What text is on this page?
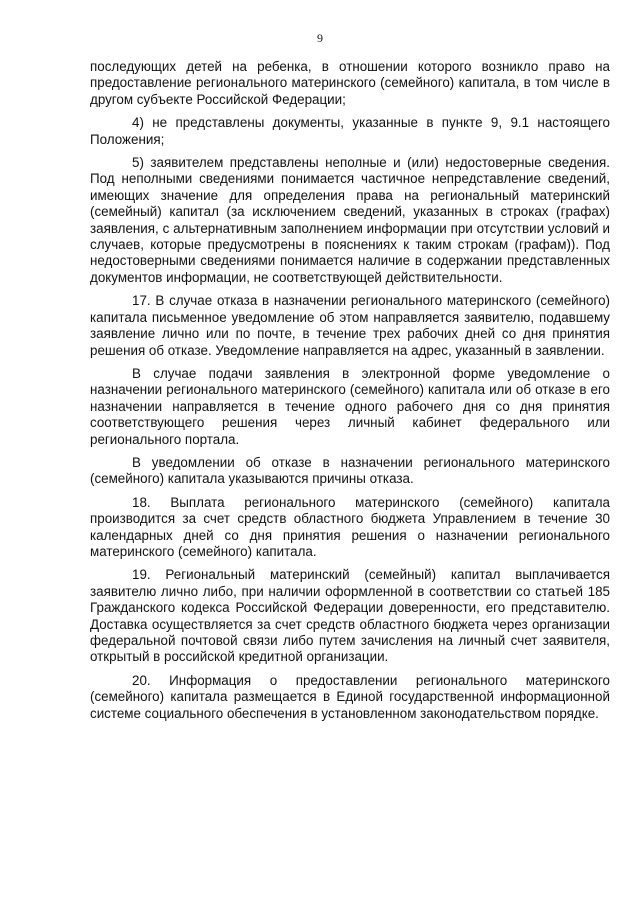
9

последующих детей на ребенка, в отношении которого возникло право на предоставление регионального материнского (семейного) капитала, в том числе в другом субъекте Российской Федерации;

4) не представлены документы, указанные в пункте 9, 9.1 настоящего Положения;

5) заявителем представлены неполные и (или) недостоверные сведения. Под неполными сведениями понимается частичное непредставление сведений, имеющих значение для определения права на региональный материнский (семейный) капитал (за исключением сведений, указанных в строках (графах) заявления, с альтернативным заполнением информации при отсутствии условий и случаев, которые предусмотрены в пояснениях к таким строкам (графам)). Под недостоверными сведениями понимается наличие в содержании представленных документов информации, не соответствующей действительности.

17. В случае отказа в назначении регионального материнского (семейного) капитала письменное уведомление об этом направляется заявителю, подавшему заявление лично или по почте, в течение трех рабочих дней со дня принятия решения об отказе. Уведомление направляется на адрес, указанный в заявлении.

В случае подачи заявления в электронной форме уведомление о назначении регионального материнского (семейного) капитала или об отказе в его назначении направляется в течение одного рабочего дня со дня принятия соответствующего решения через личный кабинет федерального или регионального портала.

В уведомлении об отказе в назначении регионального материнского (семейного) капитала указываются причины отказа.

18. Выплата регионального материнского (семейного) капитала производится за счет средств областного бюджета Управлением в течение 30 календарных дней со дня принятия решения о назначении регионального материнского (семейного) капитала.

19. Региональный материнский (семейный) капитал выплачивается заявителю лично либо, при наличии оформленной в соответствии со статьей 185 Гражданского кодекса Российской Федерации доверенности, его представителю. Доставка осуществляется за счет средств областного бюджета через организации федеральной почтовой связи либо путем зачисления на личный счет заявителя, открытый в российской кредитной организации.

20. Информация о предоставлении регионального материнского (семейного) капитала размещается в Единой государственной информационной системе социального обеспечения в установленном законодательством порядке.
